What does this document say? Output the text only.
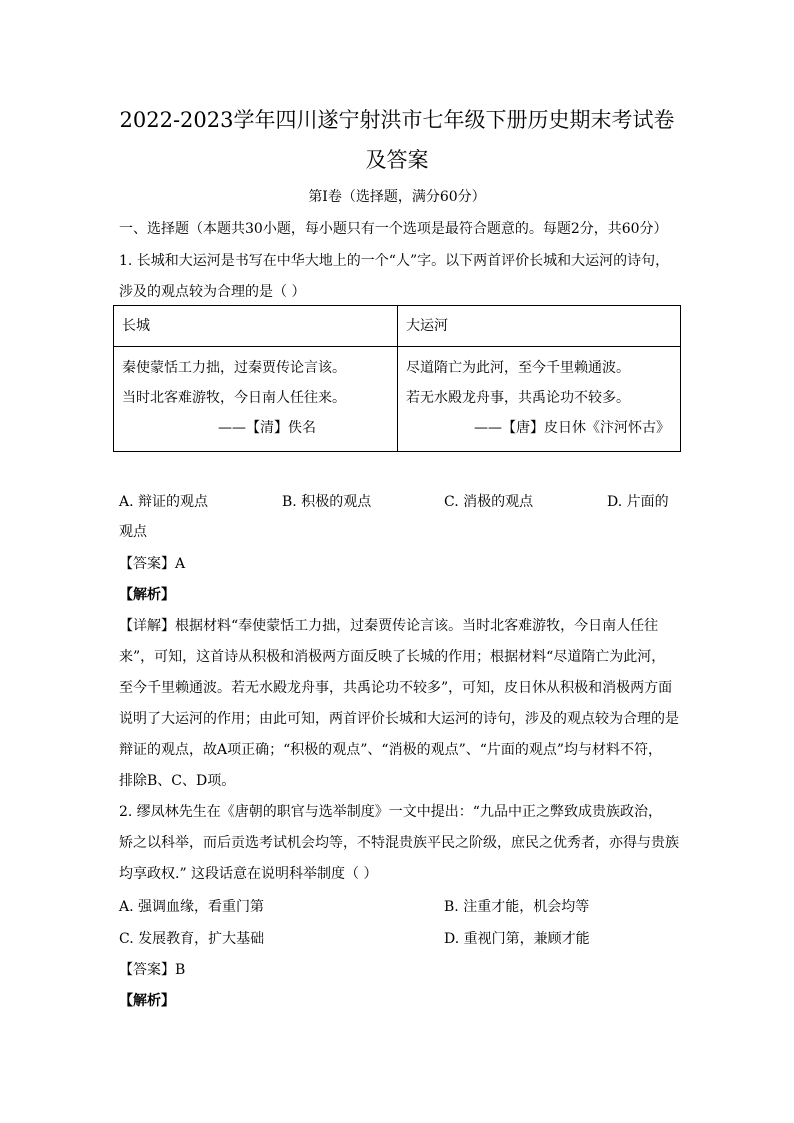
2022-2023学年四川遂宁射洪市七年级下册历史期末考试卷
及答案
第Ⅰ卷（选择题，满分60分）
一、选择题（本题共30小题，每小题只有一个选项是最符合题意的。每题2分，共60分）
1. 长城和大运河是书写在中华大地上的一个“人”字。以下两首评价长城和大运河的诗句，
涉及的观点较为合理的是（ ）
长城	大运河

秦使蒙恬工力拙，过秦贾传论言该。
当时北客难游牧，今日南人任往来。
——【清】佚名	尽道隋亡为此河，至今千里赖通波。
若无水殿龙舟事，共禹论功不较多。
——【唐】皮日休《汴河怀古》
A. 辩证的观点	B. 积极的观点	C. 消极的观点	D. 片面的
观点
【答案】A
【解析】
【详解】根据材料“奉使蒙恬工力拙，过秦贾传论言该。当时北客难游牧，今日南人任往
来”，可知，这首诗从积极和消极两方面反映了长城的作用；根据材料“尽道隋亡为此河，
至今千里赖通波。若无水殿龙舟事，共禹论功不较多”，可知，皮日休从积极和消极两方面
说明了大运河的作用；由此可知，两首评价长城和大运河的诗句，涉及的观点较为合理的是
辩证的观点，故A项正确；“积极的观点”、“消极的观点”、“片面的观点”均与材料不符，
排除B、C、D项。
2. 缪凤林先生在《唐朝的职官与选举制度》一文中提出：“九品中正之弊致成贵族政治，
矫之以科举，而后贡选考试机会均等，不特混贵族平民之阶级，庶民之优秀者，亦得与贵族
均享政权.” 这段话意在说明科举制度（ ）
A. 强调血缘，看重门第	B. 注重才能，机会均等
C. 发展教育，扩大基础	D. 重视门第，兼顾才能
【答案】B
【解析】
